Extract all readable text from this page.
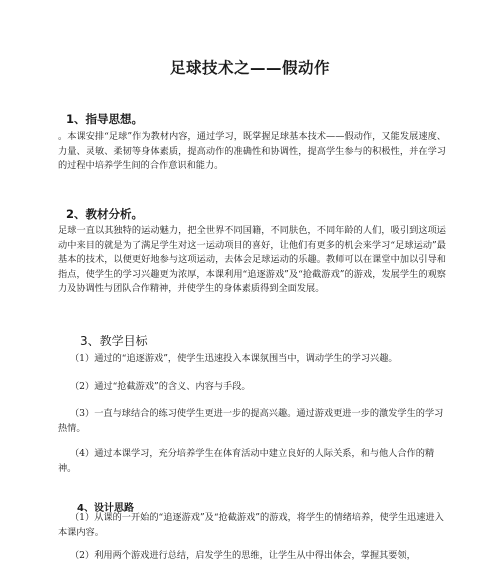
足球技术之——假动作
1、指导思想。

。本课安排“足球”作为教材内容，通过学习，既掌握足球基本技术——假动作，又能发展速度、力量、灵敏、柔韧等身体素质，提高动作的准确性和协调性，提高学生参与的积极性，并在学习的过程中培养学生间的合作意识和能力。

2、教材分析。

足球一直以其独特的运动魅力，把全世界不同国籍，不同肤色，不同年龄的人们，吸引到这项运动中来目的就是为了满足学生对这一运动项目的喜好，让他们有更多的机会来学习“足球运动”最基本的技术，以便更好地参与这项运动，去体会足球运动的乐趣。教师可以在课堂中加以引导和指点，使学生的学习兴趣更为浓厚，本课利用“追逐游戏”及“抢截游戏”的游戏，发展学生的观察力及协调性与团队合作精神，并使学生的身体素质得到全面发展。

3、教学目标

（1）通过的“追逐游戏”，使学生迅速投入本课氛围当中，调动学生的学习兴趣。

（2）通过“抢截游戏”的含义、内容与手段。

（3）一直与球结合的练习使学生更进一步的提高兴趣。通过游戏更进一步的激发学生的学习热情。

（4）通过本课学习，充分培养学生在体育活动中建立良好的人际关系，和与他人合作的精神。

4、设计思路

（1）从课的一开始的“追逐游戏”及“抢截游戏”的游戏，将学生的情绪培养，使学生迅速进入本课内容。

（2）利用两个游戏进行总结，启发学生的思维，让学生从中得出体会，掌握其要领，
